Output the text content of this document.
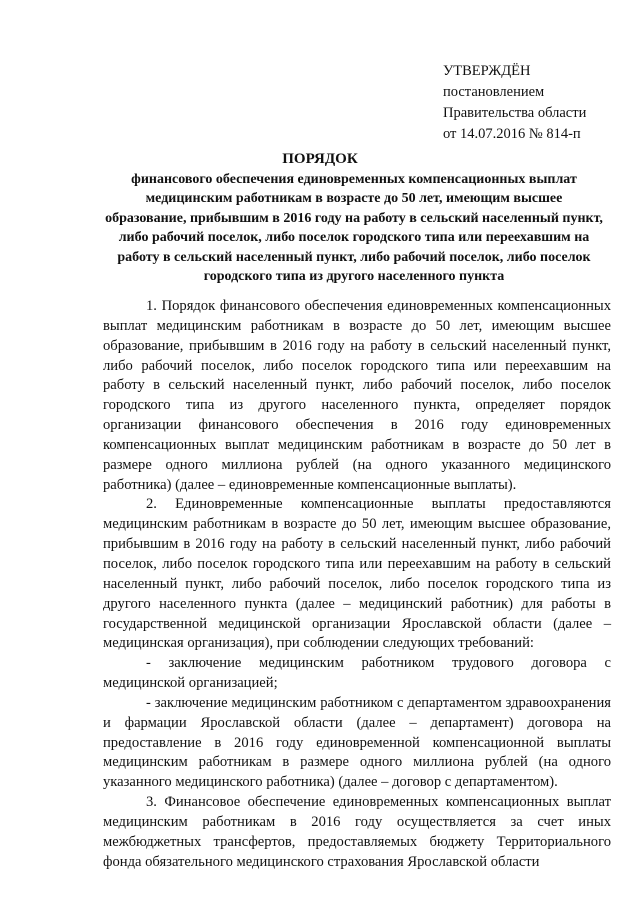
УТВЕРЖДЁН
постановлением
Правительства области
от 14.07.2016 № 814-п
ПОРЯДОК

финансового обеспечения единовременных компенсационных выплат медицинским работникам в возрасте до 50 лет, имеющим высшее образование, прибывшим в 2016 году на работу в сельский населенный пункт, либо рабочий поселок, либо поселок городского типа или переехавшим на работу в сельский населенный пункт, либо рабочий поселок, либо поселок городского типа из другого населенного пункта

1. Порядок финансового обеспечения единовременных компенсационных выплат медицинским работникам в возрасте до 50 лет, имеющим высшее образование, прибывшим в 2016 году на работу в сельский населенный пункт, либо рабочий поселок, либо поселок городского типа или переехавшим на работу в сельский населенный пункт, либо рабочий поселок, либо поселок городского типа из другого населенного пункта, определяет порядок организации финансового обеспечения в 2016 году единовременных компенсационных выплат медицинским работникам в возрасте до 50 лет в размере одного миллиона рублей (на одного указанного медицинского работника) (далее – единовременные компенсационные выплаты).

2. Единовременные компенсационные выплаты предоставляются медицинским работникам в возрасте до 50 лет, имеющим высшее образование, прибывшим в 2016 году на работу в сельский населенный пункт, либо рабочий поселок, либо поселок городского типа или переехавшим на работу в сельский населенный пункт, либо рабочий поселок, либо поселок городского типа из другого населенного пункта (далее – медицинский работник) для работы в государственной медицинской организации Ярославской области (далее – медицинская организация), при соблюдении следующих требований:

- заключение медицинским работником трудового договора с медицинской организацией;

- заключение медицинским работником с департаментом здравоохранения и фармации Ярославской области (далее – департамент) договора на предоставление в 2016 году единовременной компенсационной выплаты медицинским работникам в размере одного миллиона рублей (на одного указанного медицинского работника) (далее – договор с департаментом).

3. Финансовое обеспечение единовременных компенсационных выплат медицинским работникам в 2016 году осуществляется за счет иных межбюджетных трансфертов, предоставляемых бюджету Территориального фонда обязательного медицинского страхования Ярославской области
